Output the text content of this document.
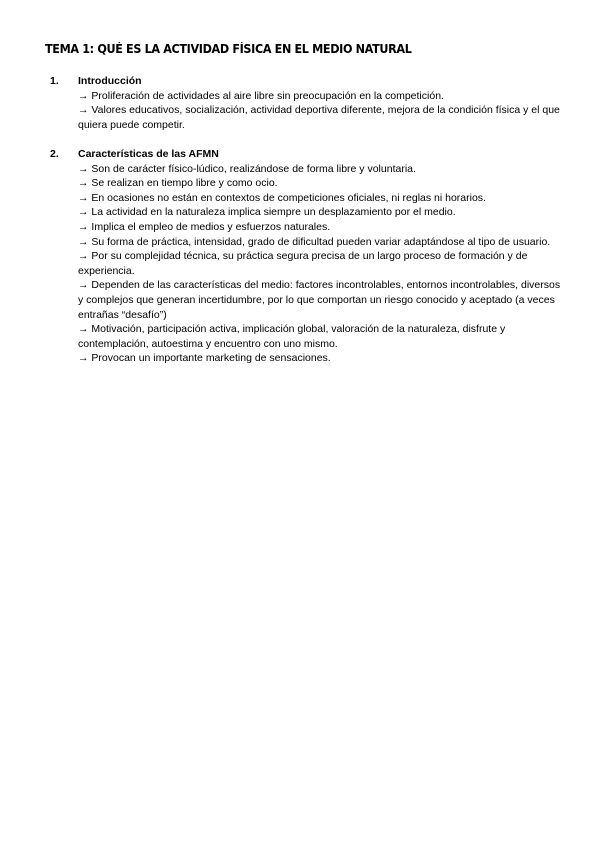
TEMA 1: QUÉ ES LA ACTIVIDAD FÍSICA EN EL MEDIO NATURAL
1. Introducción
→ Proliferación de actividades al aire libre sin preocupación en la competición.
→ Valores educativos, socialización, actividad deportiva diferente, mejora de la condición física y el que quiera puede competir.
2. Características de las AFMN
→ Son de carácter físico-lúdico, realizándose de forma libre y voluntaria.
→ Se realizan en tiempo libre y como ocio.
→ En ocasiones no están en contextos de competiciones oficiales, ni reglas ni horarios.
→ La actividad en la naturaleza implica siempre un desplazamiento por el medio.
→ Implica el empleo de medios y esfuerzos naturales.
→ Su forma de práctica, intensidad, grado de dificultad pueden variar adaptándose al tipo de usuario.
→ Por su complejidad técnica, su práctica segura precisa de un largo proceso de formación y de experiencia.
→ Dependen de las características del medio: factores incontrolables, entornos incontrolables, diversos y complejos que generan incertidumbre, por lo que comportan un riesgo conocido y aceptado (a veces entrañas “desafío”)
→ Motivación, participación activa, implicación global, valoración de la naturaleza, disfrute y contemplación, autoestima y encuentro con uno mismo.
→ Provocan un importante marketing de sensaciones.
